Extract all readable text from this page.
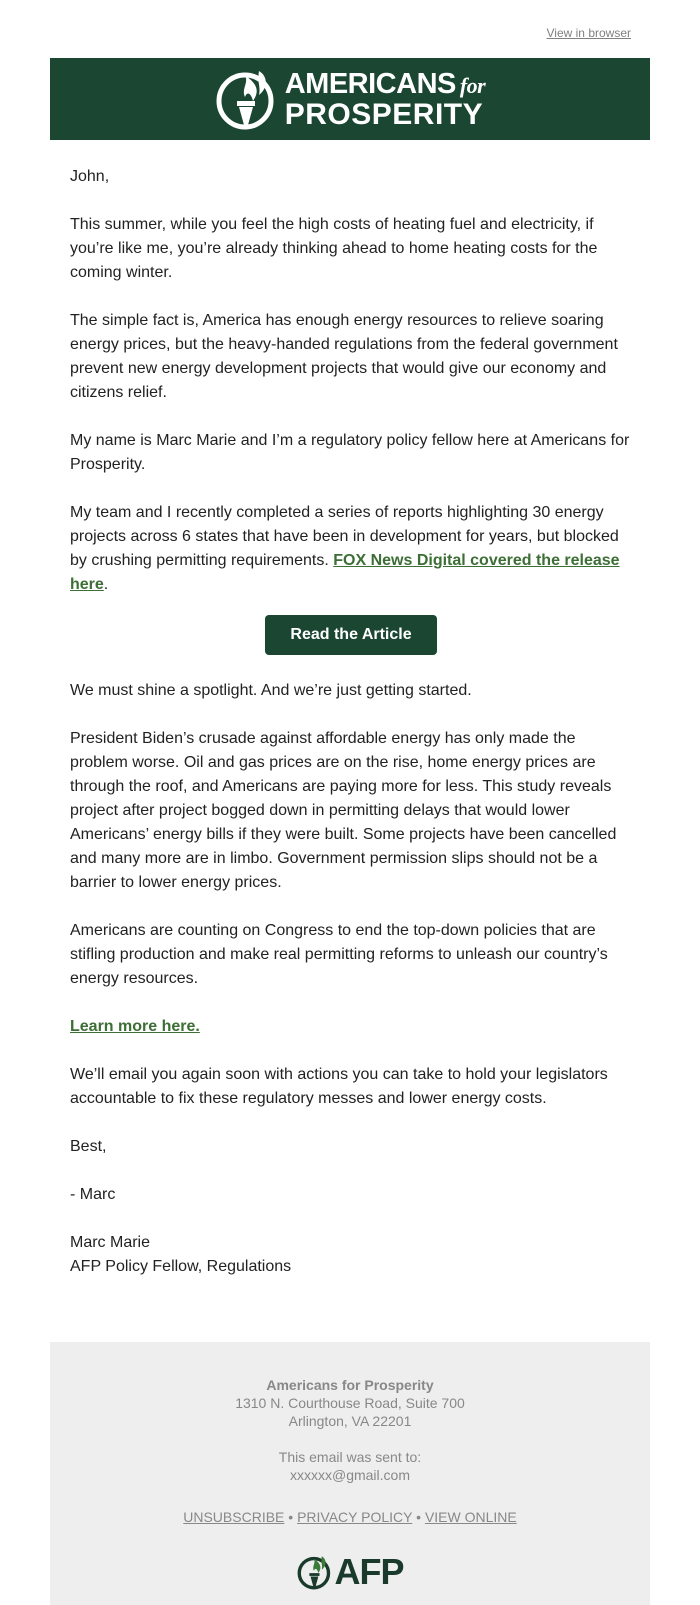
View in browser
AMERICANS for
PROSPERITY

John,

This summer, while you feel the high costs of heating fuel and electricity, if you’re like me, you’re already thinking ahead to home heating costs for the coming winter.

The simple fact is, America has enough energy resources to relieve soaring energy prices, but the heavy-handed regulations from the federal government prevent new energy development projects that would give our economy and citizens relief.

My name is Marc Marie and I’m a regulatory policy fellow here at Americans for Prosperity.

My team and I recently completed a series of reports highlighting 30 energy projects across 6 states that have been in development for years, but blocked by crushing permitting requirements. FOX News Digital covered the release here.

Read the Article

We must shine a spotlight. And we’re just getting started.

President Biden’s crusade against affordable energy has only made the problem worse. Oil and gas prices are on the rise, home energy prices are through the roof, and Americans are paying more for less. This study reveals project after project bogged down in permitting delays that would lower Americans’ energy bills if they were built. Some projects have been cancelled and many more are in limbo. Government permission slips should not be a barrier to lower energy prices.

Americans are counting on Congress to end the top-down policies that are stifling production and make real permitting reforms to unleash our country’s energy resources.

Learn more here.

We’ll email you again soon with actions you can take to hold your legislators accountable to fix these regulatory messes and lower energy costs.

Best,

- Marc

Marc Marie

AFP Policy Fellow, Regulations

Americans for Prosperity
1310 N. Courthouse Road, Suite 700
Arlington, VA 22201
This email was sent to:
xxxxxx@gmail.com
UNSUBSCRIBE • PRIVACY POLICY • VIEW ONLINE
AFP
